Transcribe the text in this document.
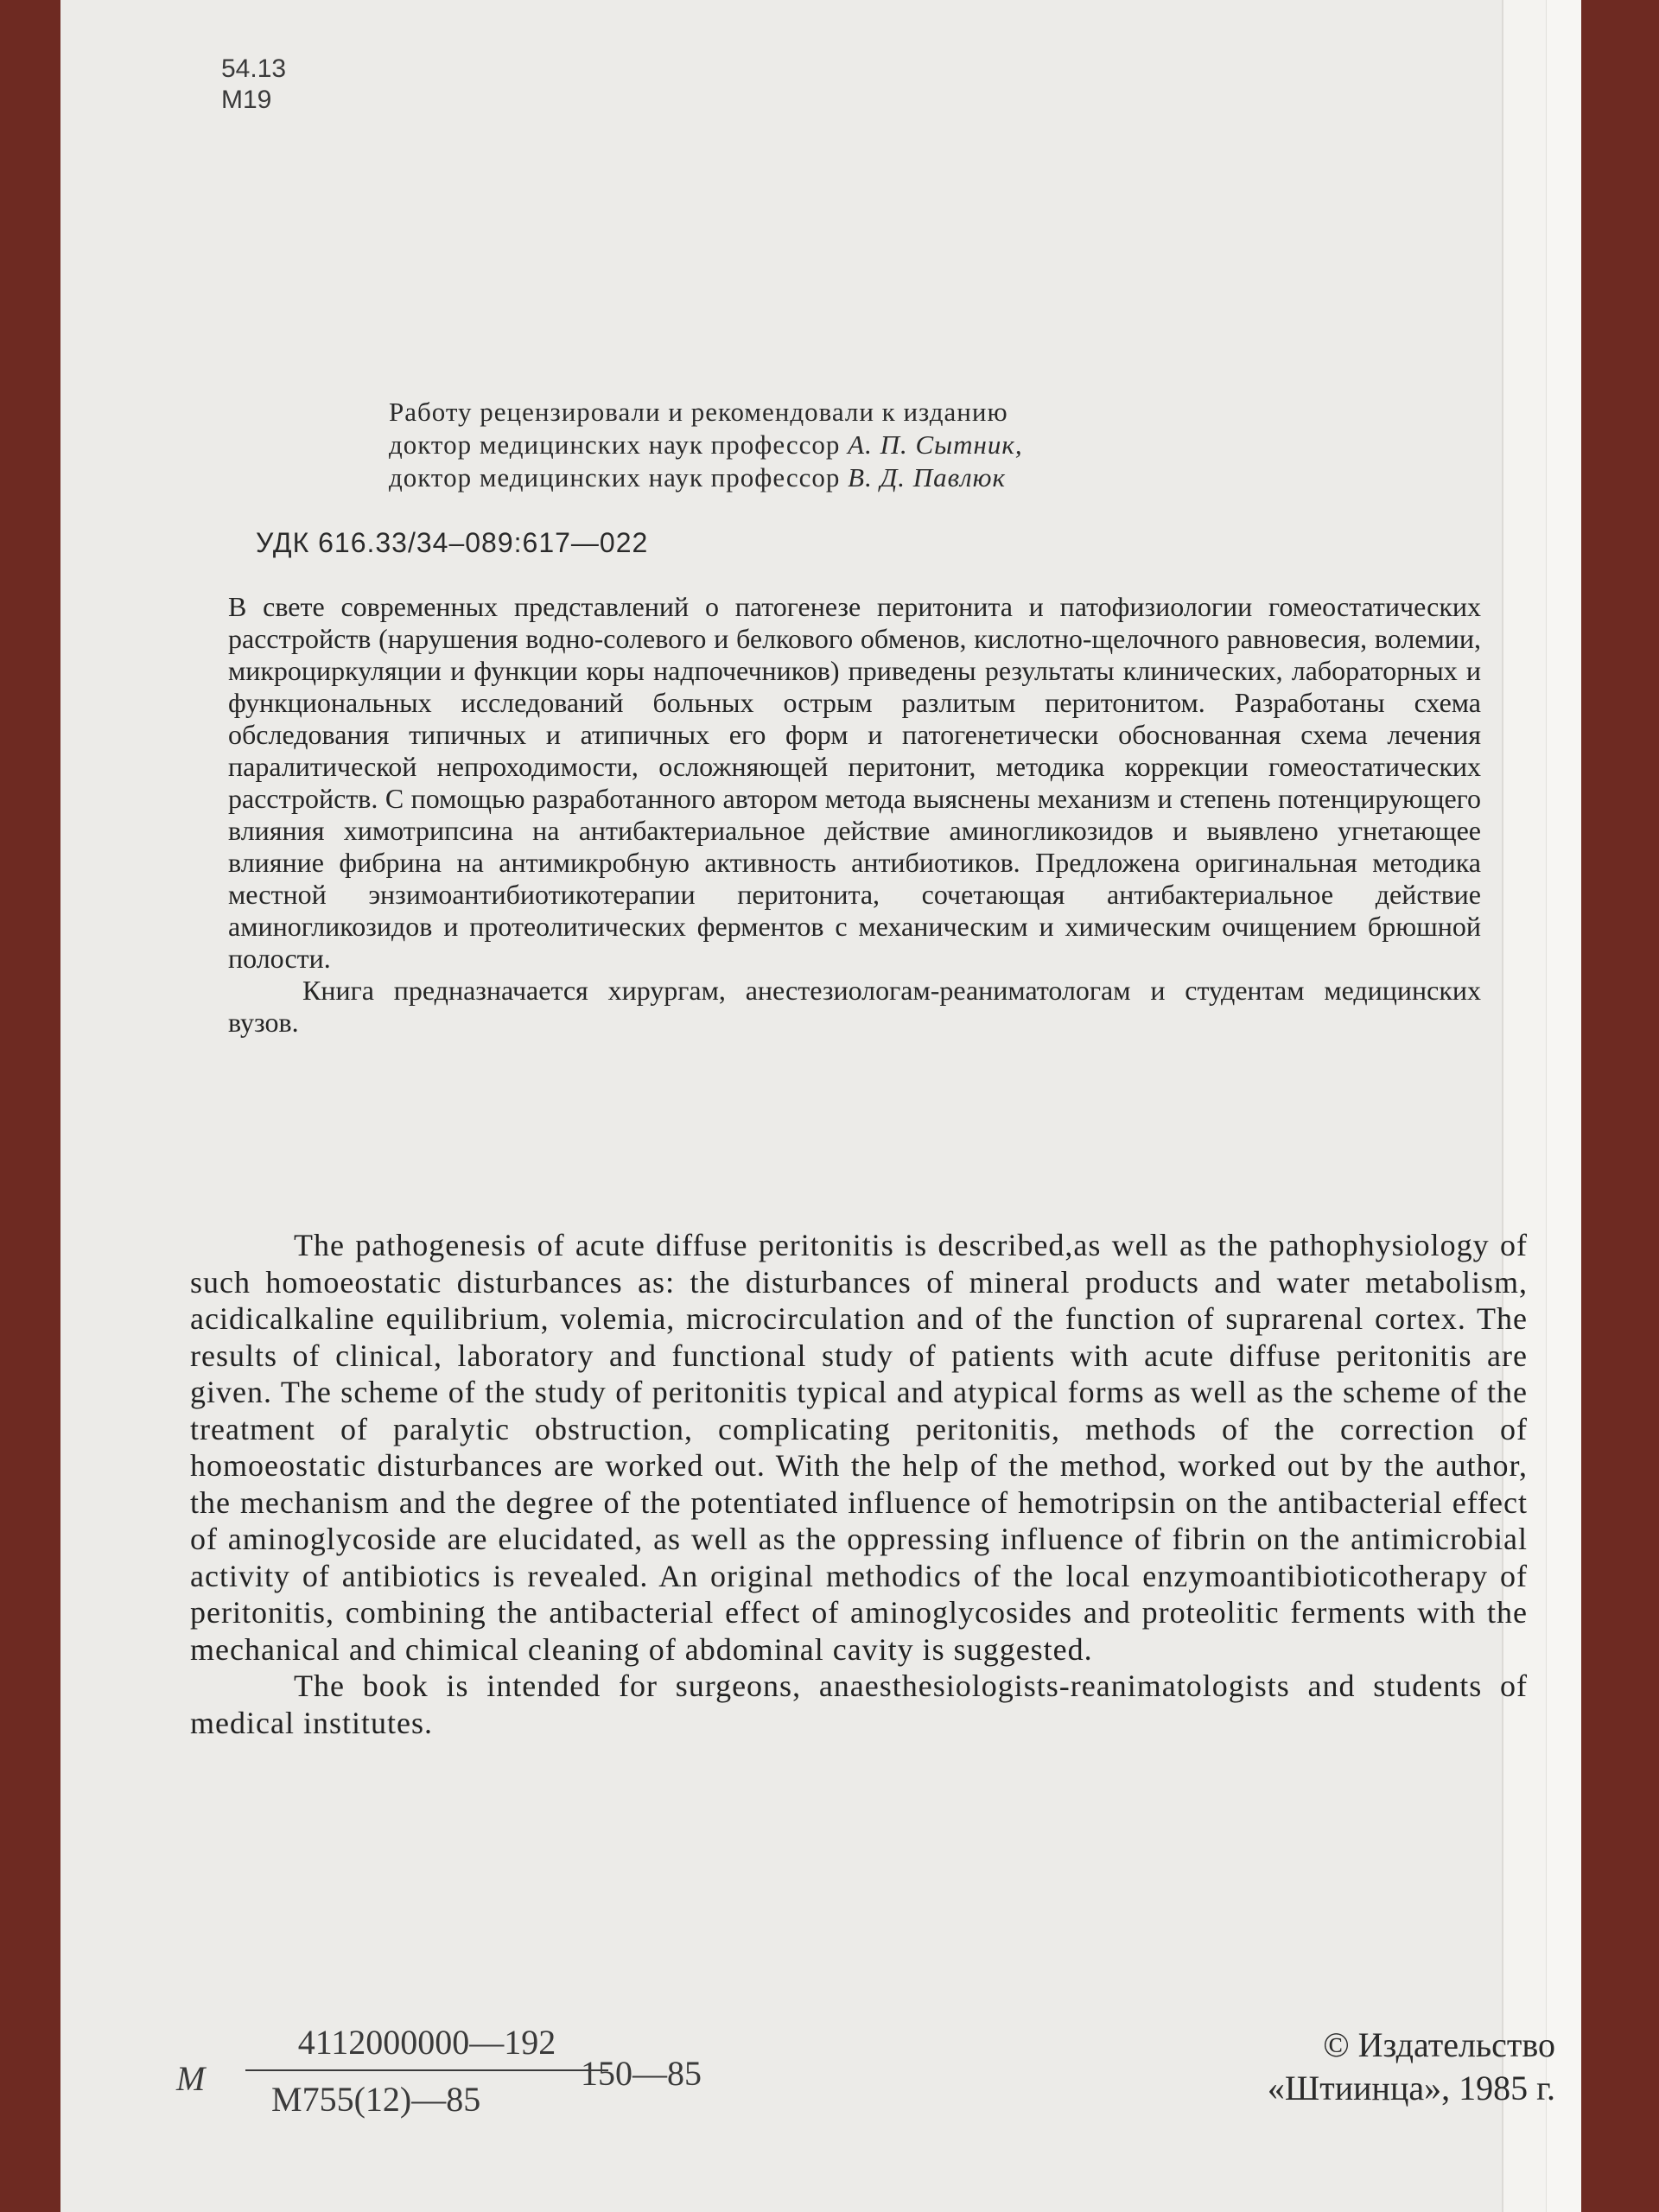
54.13
М19
Работу рецензировали и рекомендовали к изданию
доктор медицинских наук профессор А. П. Сытник,
доктор медицинских наук профессор В. Д. Павлюк
УДК 616.33/34–089:617—022

В свете современных представлений о патогенезе перитонита и патофизиологии гомеостатических расстройств (нарушения водно-солевого и белкового обменов, кислотно-щелочного равновесия, волемии, микроциркуляции и функции коры надпочечников) приведены результаты клинических, лабораторных и функциональных исследований больных острым разлитым перитонитом. Разработаны схема обследования типичных и атипичных его форм и патогенетически обоснованная схема лечения паралитической непроходимости, осложняющей перитонит, методика коррекции гомеостатических расстройств. С помощью разработанного автором метода выяснены механизм и степень потенцирующего влияния химотрипсина на антибактериальное действие аминогликозидов и выявлено угнетающее влияние фибрина на антимикробную активность антибиотиков. Предложена оригинальная методика местной энзимоантибиотикотерапии перитонита, сочетающая антибактериальное действие аминогликозидов и протеолитических ферментов с механическим и химическим очищением брюшной полости.

Книга предназначается хирургам, анестезиологам-реаниматологам и студентам медицинских вузов.

The pathogenesis of acute diffuse peritonitis is described,as well as the pathophysiology of such homoeostatic disturbances as: the disturbances of mineral products and water metabolism, acidicalkaline equilibrium, volemia, microcirculation and of the function of suprarenal cortex. The results of clinical, laboratory and functional study of patients with acute diffuse peritonitis are given. The scheme of the study of peritonitis typical and atypical forms as well as the scheme of the treatment of paralytic obstruction, complicating peritonitis, methods of the correction of homoeostatic disturbances are worked out. With the help of the method, worked out by the author, the mechanism and the degree of the potentiated influence of hemotripsin on the antibacterial effect of aminoglycoside are elucidated, as well as the oppressing influence of fibrin on the antimicrobial activity of antibiotics is revealed. An original methodics of the local enzymoantibioticotherapy of peritonitis, combining the antibacterial effect of aminoglycosides and proteolitic ferments with the mechanical and chimical cleaning of abdominal cavity is suggested.

The book is intended for surgeons, anaesthesiologists-reanimatologists and students of medical institutes.

М
4112000000—192
М755(12)—85
150—85
© Издательство
«Штиинца», 1985 г.
